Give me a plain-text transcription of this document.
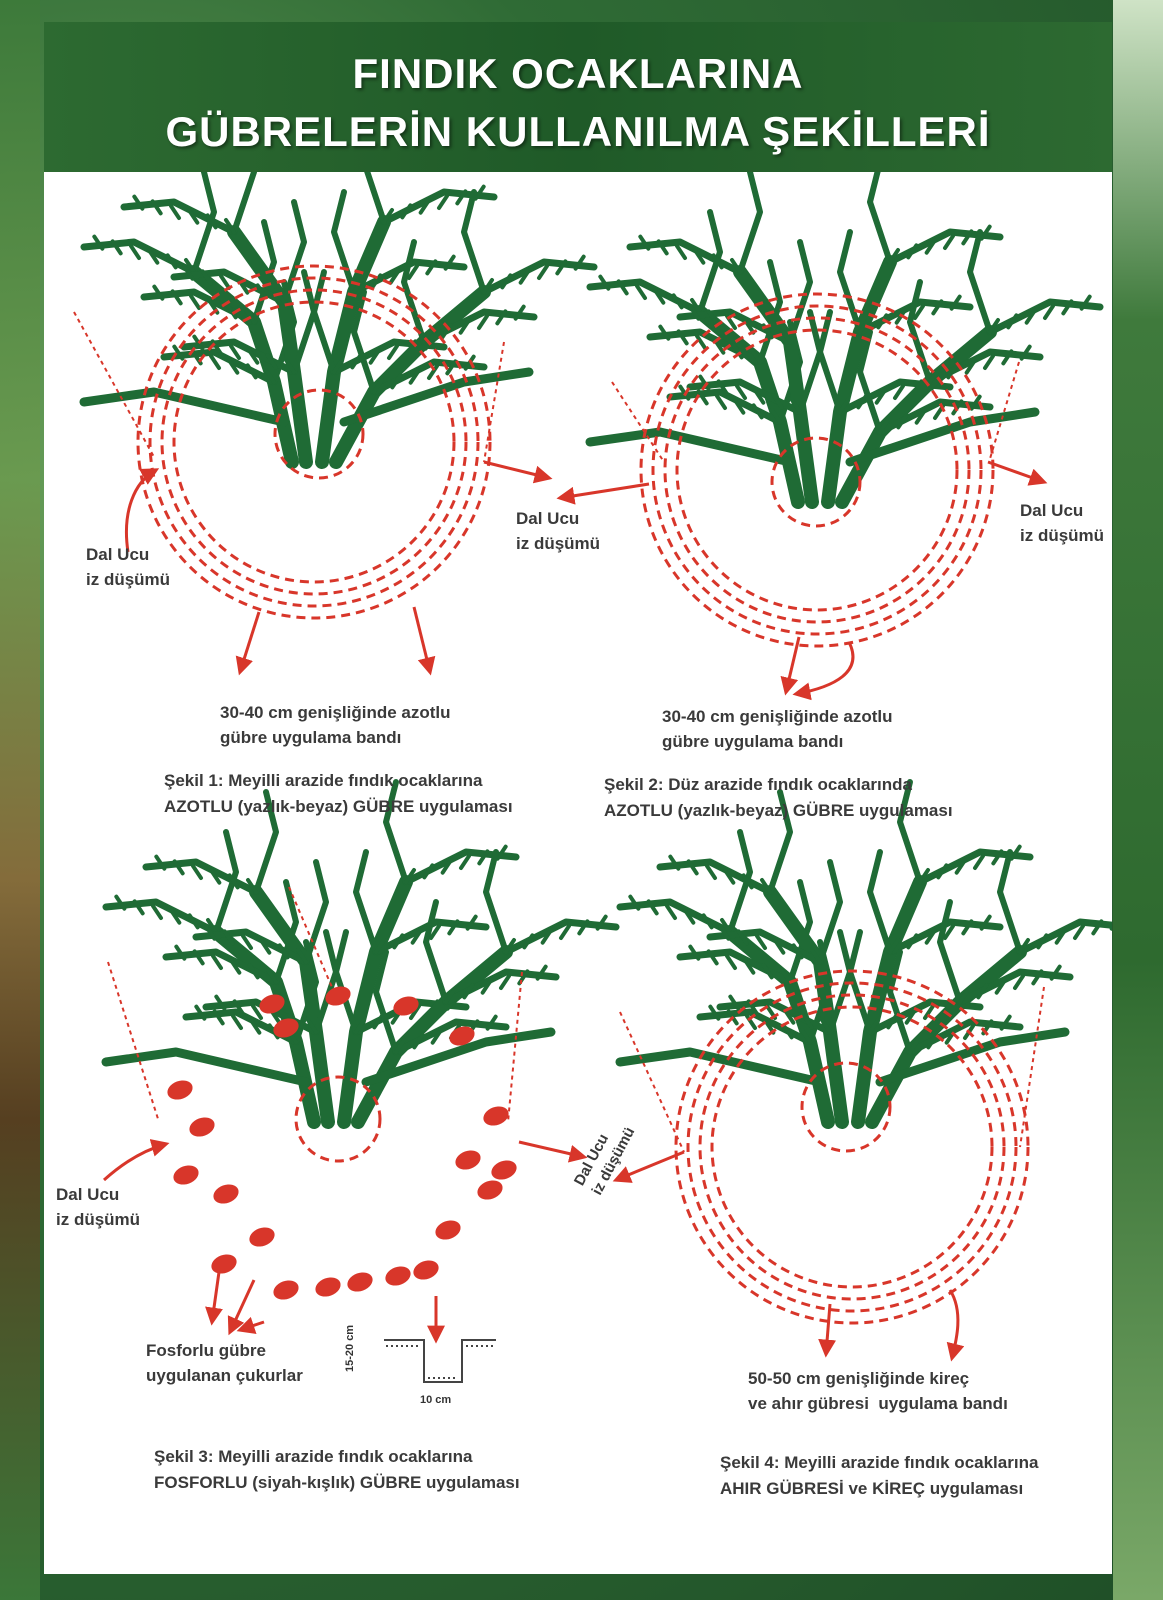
FINDIK OCAKLARINA
GÜBRELERİN KULLANILMA ŞEKİLLERİ
Dal Ucu
iz düşümü
30-40 cm genişliğinde azotlu
gübre uygulama bandı
Şekil 1: Meyilli arazide fındık ocaklarına
AZOTLU (yazlık-beyaz) GÜBRE uygulaması
Dal Ucu
iz düşümü
Dal Ucu
iz düşümü
30-40 cm genişliğinde azotlu
gübre uygulama bandı
Şekil 2: Düz arazide fındık ocaklarında
AZOTLU (yazlık-beyaz) GÜBRE uygulaması
Dal Ucu
iz düşümü
Fosforlu gübre
uygulanan çukurlar
15-20 cm
10 cm
Şekil 3: Meyilli arazide fındık ocaklarına
FOSFORLU (siyah-kışlık) GÜBRE uygulaması
Dal Ucu
iz düşümü
50-50 cm genişliğinde kireç
ve ahır gübresi  uygulama bandı
Şekil 4: Meyilli arazide fındık ocaklarına
AHIR GÜBRESİ ve KİREÇ uygulaması
